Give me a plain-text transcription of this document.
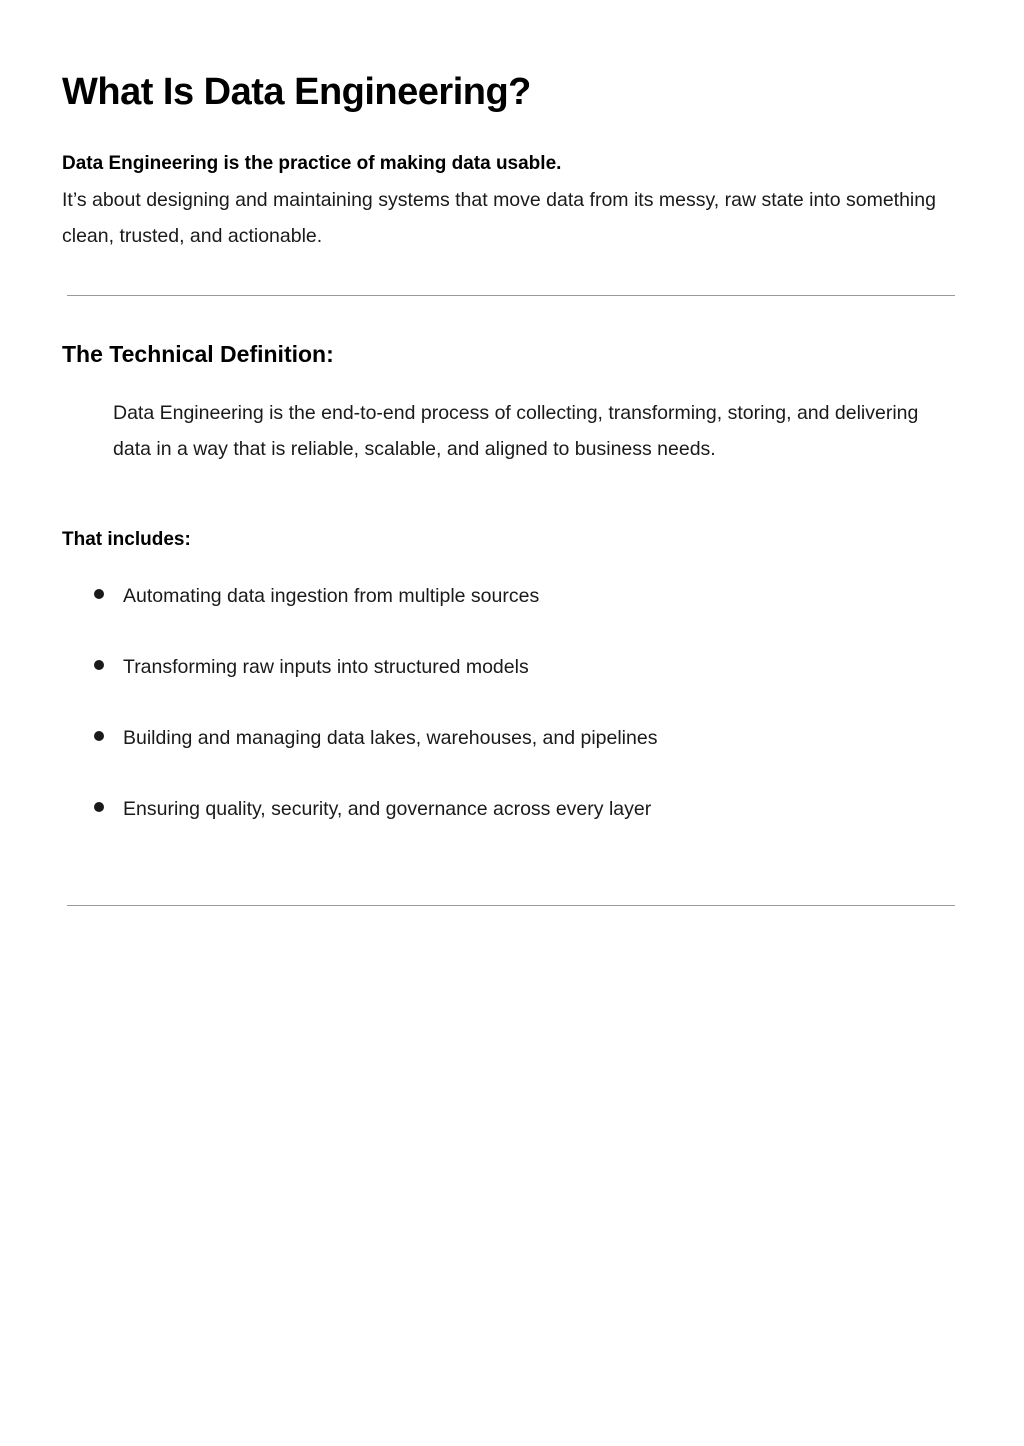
What Is Data Engineering?

Data Engineering is the practice of making data usable.

It’s about designing and maintaining systems that move data from its messy, raw state into something clean, trusted, and actionable.

The Technical Definition:

Data Engineering is the end-to-end process of collecting, transforming, storing, and delivering data in a way that is reliable, scalable, and aligned to business needs.

That includes:
Automating data ingestion from multiple sources
Transforming raw inputs into structured models
Building and managing data lakes, warehouses, and pipelines
Ensuring quality, security, and governance across every layer
